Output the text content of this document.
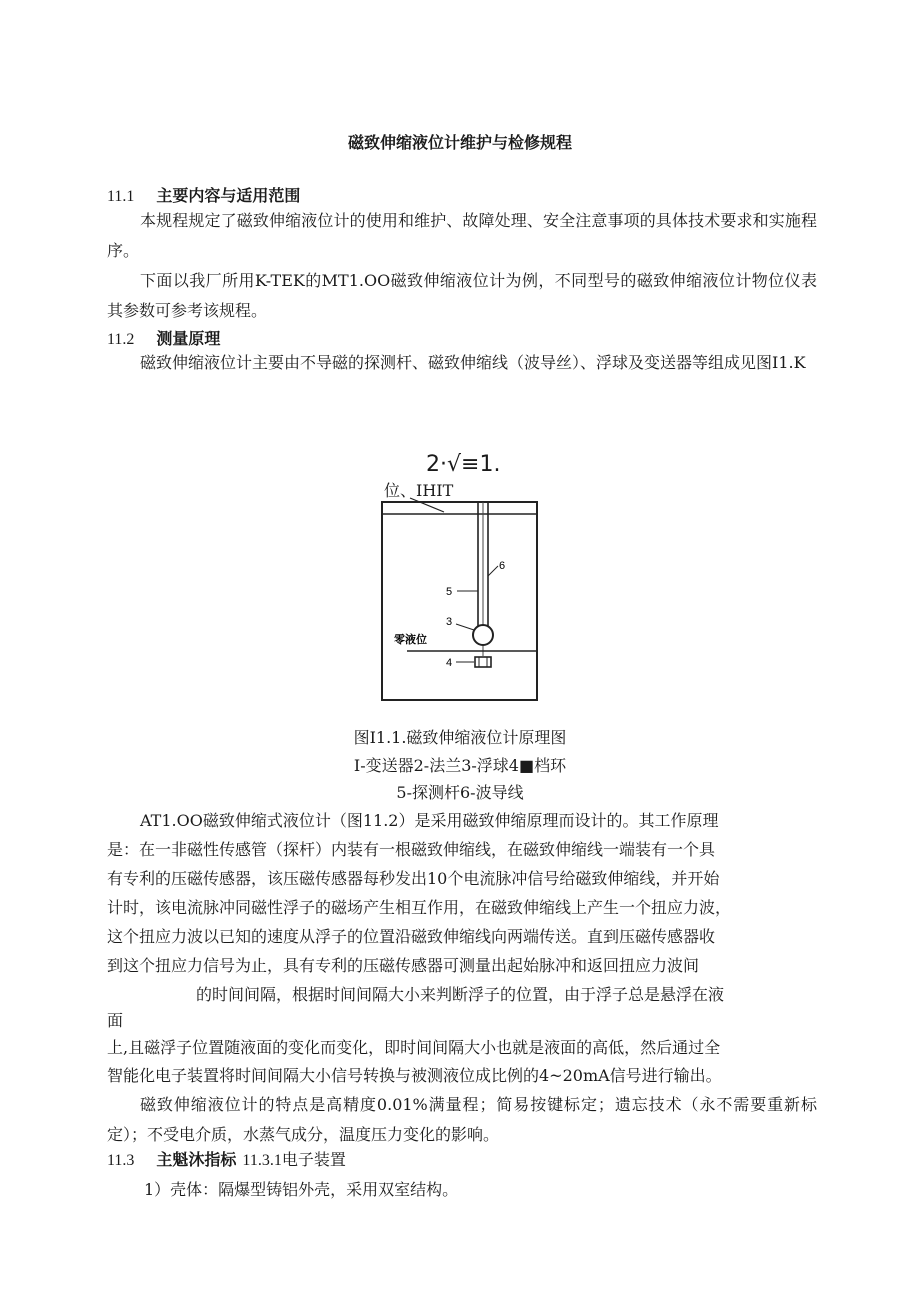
磁致伸缩液位计维护与检修规程
11.1 主要内容与适用范围
本规程规定了磁致伸缩液位计的使用和维护、故障处理、安全注意事项的具体技术要求和实施程序。
下面以我厂所用K-TEK的MT1.OO磁致伸缩液位计为例，不同型号的磁致伸缩液位计物位仪表其参数可参考该规程。
11.2 测量原理
磁致伸缩液位计主要由不导磁的探测杆、磁致伸缩线（波导丝）、浮球及变送器等组成见图I1.K
2·√≡1.
位、IHIT
6
5
3
零液位
4
图I1.1.磁致伸缩液位计原理图
I-变送器2-法兰3-浮球4■档环
5-探测杆6-波导线
AT1.OO磁致伸缩式液位计（图11.2）是采用磁致伸缩原理而设计的。其工作原理
是：在一非磁性传感管（探杆）内装有一根磁致伸缩线，在磁致伸缩线一端装有一个具
有专利的压磁传感器，该压磁传感器每秒发出10个电流脉冲信号给磁致伸缩线，并开始
计时，该电流脉冲同磁性浮子的磁场产生相互作用，在磁致伸缩线上产生一个扭应力波，
这个扭应力波以已知的速度从浮子的位置沿磁致伸缩线向两端传送。直到压磁传感器收
到这个扭应力信号为止，具有专利的压磁传感器可测量出起始脉冲和返回扭应力波间
的时间间隔，根据时间间隔大小来判断浮子的位置，由于浮子总是悬浮在液
面
上,且磁浮子位置随液面的变化而变化，即时间间隔大小也就是液面的高低，然后通过全
智能化电子装置将时间间隔大小信号转换与被测液位成比例的4~20mA信号进行输出。
磁致伸缩液位计的特点是高精度0.01%满量程；简易按键标定；遗忘技术（永不需要重新标定）；不受电介质，水蒸气成分，温度压力变化的影响。
11.3 主魁沐指标 11.3.1电子装置
1）壳体：隔爆型铸铝外壳，采用双室结构。
